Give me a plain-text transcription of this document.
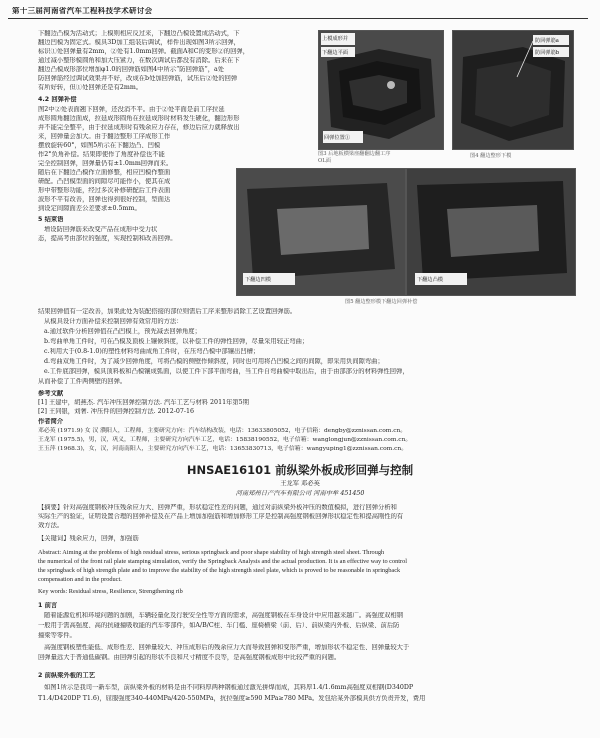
第十三届河南省汽车工程科技学术研讨会
下翻边凸模为活动式；上模则相应反过来，下翻边凸模设置成活动式，下
翻边凹模为固定式。模具3D加工组装后调试，样件出现如图3所示回弹，
标识①处回弹量有2mm，②处有1.0mm回弹。截面A和C的变形②的回弹，
通过减小整形模圆角和加大压紧力，在数次调试后都没有消除。后来在下
翻边凸模成形部位增加φ1.0的回弹筋如图4中所示“防回弹筋”，a处
防回弹筋经过调试效果并不好，改成在b处加回弹筋，试压后②处的回弹
有所好转，但①处回弹还是有2mm。
4.2 回弹补偿
图2中②处表面翘下回弹，还没消不平。由于②处平面是前工序拉延
成形圆角翻边面成，拉延成形圆角在拉延成形时材料发生硬化，翻边形形
并不能完全整平，由于拉延成形时有残余应力存在，修边后应力就释放出
来，回弹量会加大。由于翻边整形工序成形工作
摆放旋转60°，如图5所示在下翻边凸、凹模
作2°负角补偿。结果即使作了角度补偿也不能
完全控制回弹，回弹量仍有±1.0mm回弹而来。
随后在下翻边凸模作立面修整，相应凹模作整面
研配。凸凹模型面的间隙尽可能作小，使其在成
形中带整形功能，经过多次补修研配后工件表面
波形不平有改善，回弹也得到很好控制，型面达
到设定间隙面差公差要求±0.5mm。
上模成形并
下翻边平面
回弹位置①
图3 后地板横梁座翻翻边翻工序
OL面
防回弹筋a
防回弹筋b
图4 翻边整形下模
下翻边凹模	下翻边凸模
图5 翻边整形模下翻边回弹补偿
5 结束语
增设防回弹筋来改变产品在成形中受力状
态，提高考由部位的强度，实现控制和改善回弹。
结果回弹值有一定改善，加果此处为装配搭接的部位则需后工序来整形消除工艺设置回弹筋。
从模具设计方面补偿来控制回弹有效常用的方法：
a.通过软件分析回弹值在凸凹模上，预先减去回弹角度；
b.弯曲单角工件时，可在凸模及顶板上镶候斜度，以补偿工件的弹性回弹，尽量采用较正弯曲；
c.利用大于(0.8-1.0)的塑性材料弯曲成角工件时，在压弯凸模中部镶出凹槽；
d.弯曲双角工件时，为了减少回弹角度，可将凸模的侧壁作倾斜度，同时也可用将凸凹模之间的间隙，即采用负间隙弯曲；
e.工件底部回弹，模具顶料板和凸模镶成弧面，以使工件下部平面弯曲，当工件自弯曲模中取出后，由于由部部分的材料弹性回弹，
从而补偿了工件两侧壁的回弹。
参考文献
[1] 王建中，胡燕杰. 汽车冲压回弹控制方法. 汽车工艺与材料 2011年第5期
[2] 王同银，刘奢. 冲压件的回弹控制方法. 2012-07-16
作者简介
邓必英 (1971.9) 女 汉 濮阳人，工程师，主要研究方向：汽车结构改装，电话：13633805052，电子信箱：dengby@zznissan.com.cn。
王龙军 (1975.5)，男，汉，巩义，工程师，主要研究方向汽车工艺，电话：15838190552，电子信箱：wanglongjun@zznissan.com.cn。
王玉萍 (1968.3)，女，汉，河南南阳人，主要研究方向汽车工艺，电话：13653830713，电子信箱：wangyuping1@zznissan.com.cn。
HNSAE16101 前纵梁外板成形回弹与控制
王龙军 邓必英
河南郑州日产汽车有限公司 河南中牟 451450
【摘要】针对高强度钢板冲压残余应力大、回弹严重，形状稳定性差的问题，通过对前纵梁外板冲压的数值模拟，进行回弹分析和
实际生产的验证，证明设置合理的回弹补偿及在产品上增加加强筋和增加修形工序是控制高强度钢板回弹形状稳定性和提高刚性的有
效方法。
【关键词】残余应力，回弹，加强筋
Abstract: Aiming at the problems of high residual stress, serious springback and poor shape stability of high strength steel sheet. Through
the numerical of the front rail plate stamping simulation, verify the Springback Analysis and the actual production. It is an effective way to control
the springback of high strength plate and to improve the stability of the high strength steel plate, which is proved to be reasonable in springback
compensation and in the product.
Key words: Residual stress, Resilience, Strengthening rib
1 前言
随着能源危机和环境问题的加剧，车辆轻量化及行驶安全性等方面的需求，高强度钢板在车身设计中应用越来越广。高强度双相钢
一般用于需高强度、高的抗碰撞吸收能的汽车零部件，如A/B/C柱、车门槛、座椅横梁（前、后）、前纵梁内外板、后纵梁、前后防
撞梁等零件。
高强度钢板塑性能低、成形性差、回弹量较大、冲压成形后的残余应力大而导致回弹和变形严重，增加形状不稳定性、回弹量较大于
回弹量远大于普通低碳钢。由回弹引起的形状不良和尺寸精度不良等，是高强度钢板成形中比较严重的问题。
2 前纵梁外板的工艺
如图1所示是我司一新车型，前纵梁外板的材料是由不同料厚两种钢板通过激光拼焊而成，其料厚1.4/1.6mm高强度双相钢(D340DP
T1.4/D420DP T1.6)，屈服强度340-440MPa/420-550MPa，抗拉强度≥590 MPa≥780 MPa。发包给某外部模具供方负责开发，费用
